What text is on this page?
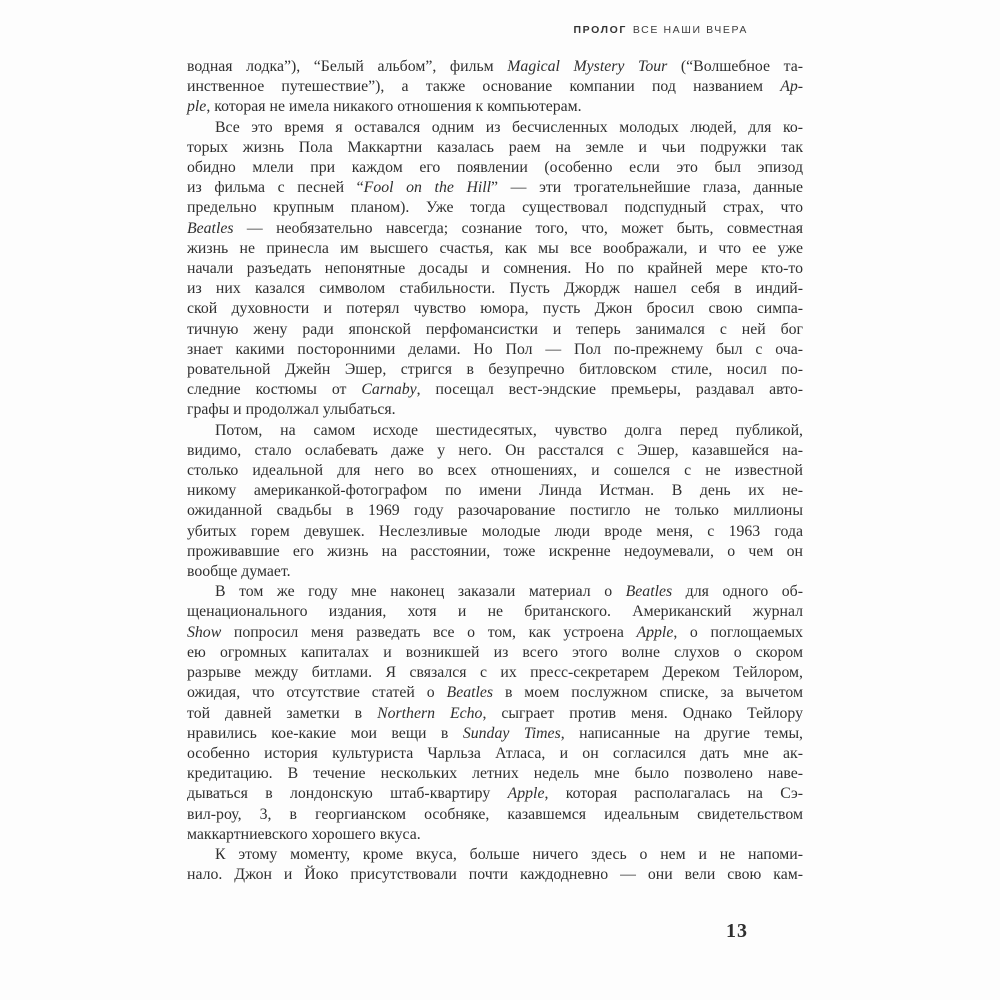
ПРОЛОГ ВСЕ НАШИ ВЧЕРА
водная лодка”), “Белый альбом”, фильм Magical Mystery Tour (“Волшебное та-
инственное путешествие”), а также основание компании под названием Ap-
ple, которая не имела никакого отношения к компьютерам.
Все это время я оставался одним из бесчисленных молодых людей, для ко-
торых жизнь Пола Маккартни казалась раем на земле и чьи подружки так
обидно млели при каждом его появлении (особенно если это был эпизод
из фильма с песней “Fool on the Hill” — эти трогательнейшие глаза, данные
предельно крупным планом). Уже тогда существовал подспудный страх, что
Beatles — необязательно навсегда; сознание того, что, может быть, совместная
жизнь не принесла им высшего счастья, как мы все воображали, и что ее уже
начали разъедать непонятные досады и сомнения. Но по крайней мере кто-то
из них казался символом стабильности. Пусть Джордж нашел себя в индий-
ской духовности и потерял чувство юмора, пусть Джон бросил свою симпа-
тичную жену ради японской перфомансистки и теперь занимался с ней бог
знает какими посторонними делами. Но Пол — Пол по-прежнему был с оча-
ровательной Джейн Эшер, стригся в безупречно битловском стиле, носил по-
следние костюмы от Carnaby, посещал вест-эндские премьеры, раздавал авто-
графы и продолжал улыбаться.
Потом, на самом исходе шестидесятых, чувство долга перед публикой,
видимо, стало ослабевать даже у него. Он расстался с Эшер, казавшейся на-
столько идеальной для него во всех отношениях, и сошелся с не известной
никому американкой-фотографом по имени Линда Истман. В день их не-
ожиданной свадьбы в 1969 году разочарование постигло не только миллионы
убитых горем девушек. Неслезливые молодые люди вроде меня, с 1963 года
проживавшие его жизнь на расстоянии, тоже искренне недоумевали, о чем он
вообще думает.
В том же году мне наконец заказали материал о Beatles для одного об-
щенационального издания, хотя и не британского. Американский журнал
Show попросил меня разведать все о том, как устроена Apple, о поглощаемых
ею огромных капиталах и возникшей из всего этого волне слухов о скором
разрыве между битлами. Я связался с их пресс-секретарем Дереком Тейлором,
ожидая, что отсутствие статей о Beatles в моем послужном списке, за вычетом
той давней заметки в Northern Echo, сыграет против меня. Однако Тейлору
нравились кое-какие мои вещи в Sunday Times, написанные на другие темы,
особенно история культуриста Чарльза Атласа, и он согласился дать мне ак-
кредитацию. В течение нескольких летних недель мне было позволено наве-
дываться в лондонскую штаб-квартиру Apple, которая располагалась на Сэ-
вил-роу, 3, в георгианском особняке, казавшемся идеальным свидетельством
маккартниевского хорошего вкуса.
К этому моменту, кроме вкуса, больше ничего здесь о нем и не напоми-
нало. Джон и Йоко присутствовали почти каждодневно — они вели свою кам-
13
